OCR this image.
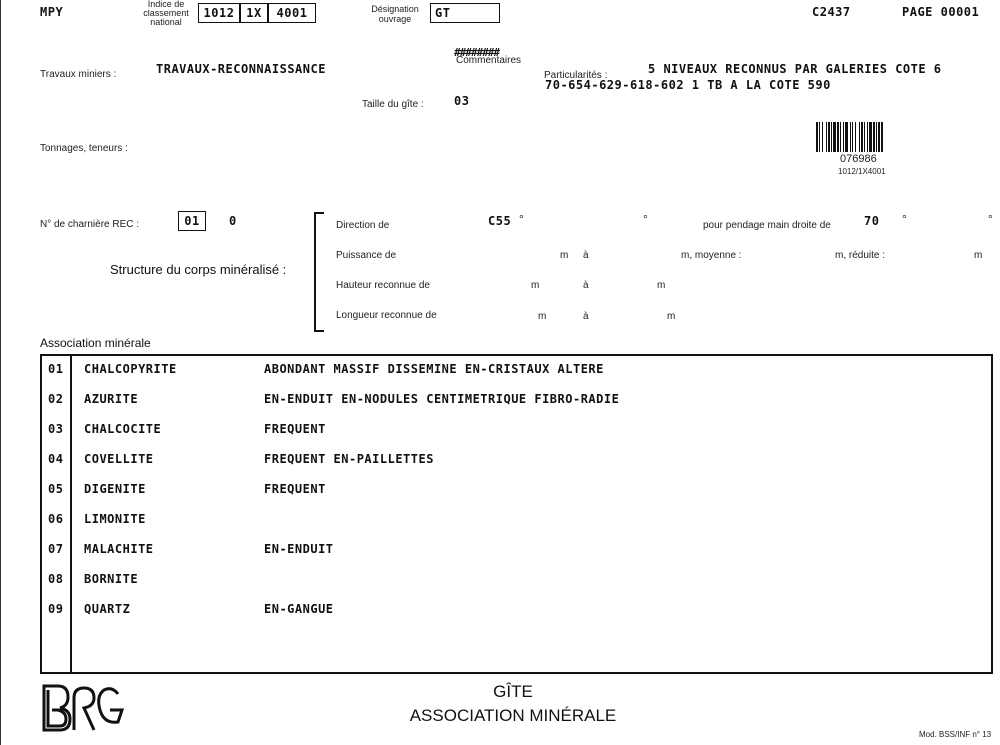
MPY
Indice de classement national
1012 1X	4001	Désignation ouvrage	GT	C2437	PAGE 00001
Travaux miniers :	TRAVAUX-RECONNAISSANCE
Commentaires
########
Particularités :	5 NIVEAUX RECONNUS PAR GALERIES COTE 6
70-654-629-618-602 1 TB A LA COTE 590
Taille du gîte :	03
Tonnages, teneurs :
076986
1012/1X4001
N° de charnière REC :	01	0
Structure du corps minéralisé :
Direction de	C55 °	°	pour pendage main droite de	70 °	°
Puissance de	m à	m, moyenne :	m, réduite :	m
Hauteur reconnue de	m	à	m
Longueur reconnue de	m	à	m
Association minérale
01 CHALCOPYRITE	ABONDANT MASSIF DISSEMINE EN-CRISTAUX ALTERE
02 AZURITE	EN-ENDUIT EN-NODULES CENTIMETRIQUE FIBRO-RADIE
03 CHALCOCITE	FREQUENT
04 COVELLITE	FREQUENT EN-PAILLETTES
05 DIGENITE	FREQUENT
06 LIMONITE
07 MALACHITE	EN-ENDUIT
08 BORNITE
09 QUARTZ	EN-GANGUE
GÎTE
ASSOCIATION MINÉRALE
Mod. BSS/INF n° 13
